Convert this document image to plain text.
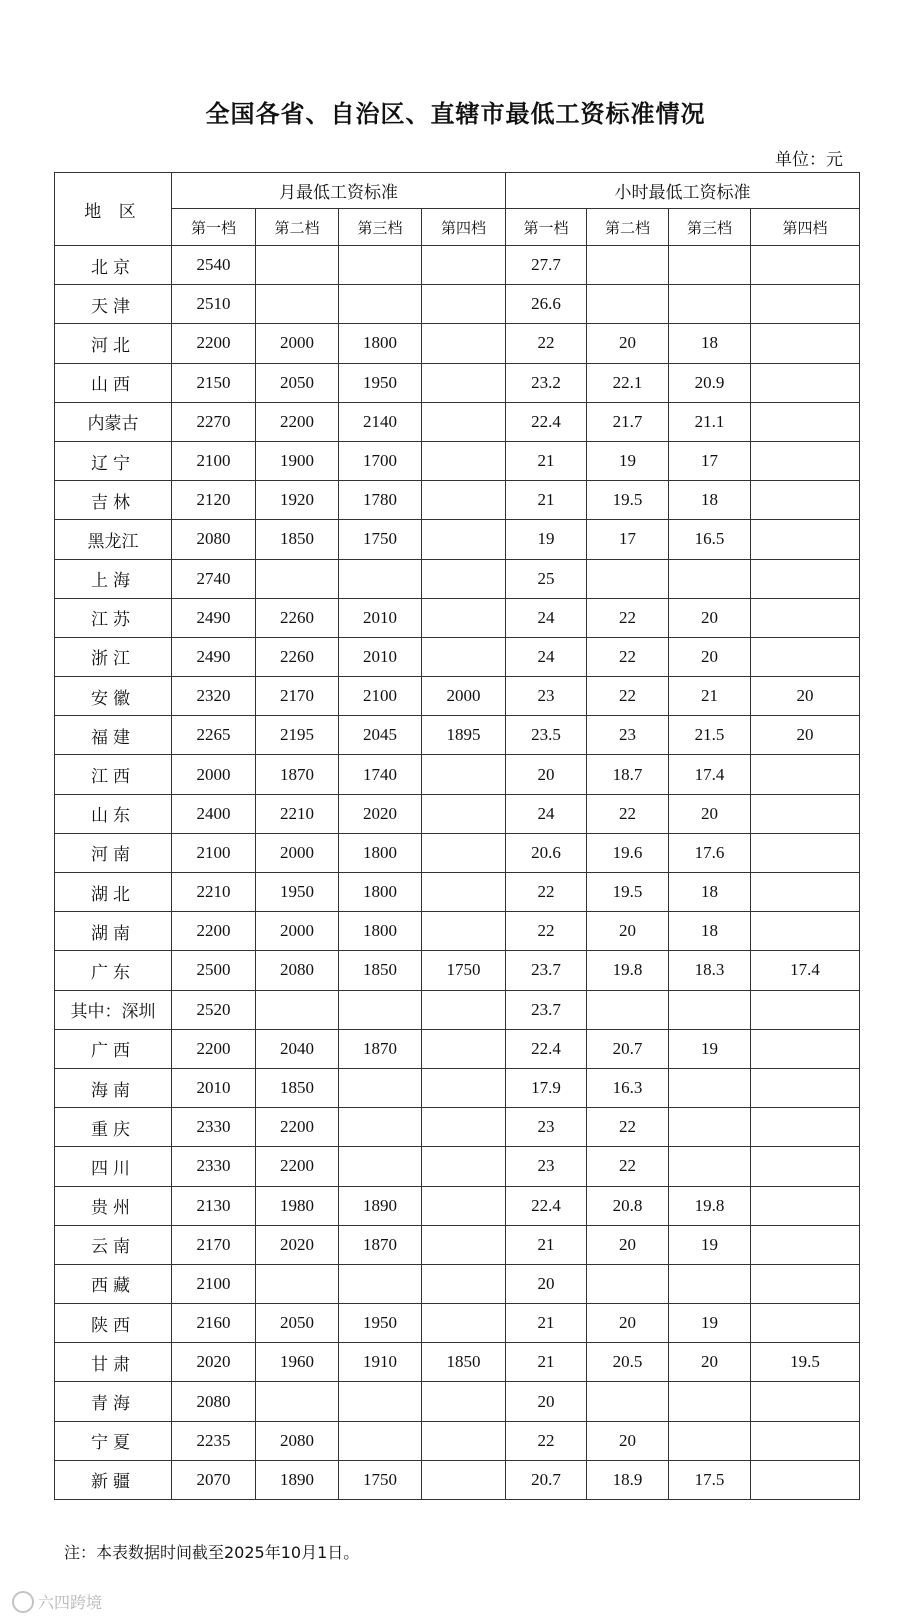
全国各省、自治区、直辖市最低工资标准情况
单位：元
地 区	月最低工资标准				小时最低工资标准			
	第一档	第二档	第三档	第四档	第一档	第二档	第三档	第四档
北京	2540				27.7			
天津	2510				26.6			
河北	2200	2000	1800		22	20	18	
山西	2150	2050	1950		23.2	22.1	20.9	
内蒙古	2270	2200	2140		22.4	21.7	21.1	
辽宁	2100	1900	1700		21	19	17	
吉林	2120	1920	1780		21	19.5	18	
黑龙江	2080	1850	1750		19	17	16.5	
上海	2740				25			
江苏	2490	2260	2010		24	22	20	
浙江	2490	2260	2010		24	22	20	
安徽	2320	2170	2100	2000	23	22	21	20
福建	2265	2195	2045	1895	23.5	23	21.5	20
江西	2000	1870	1740		20	18.7	17.4	
山东	2400	2210	2020		24	22	20	
河南	2100	2000	1800		20.6	19.6	17.6	
湖北	2210	1950	1800		22	19.5	18	
湖南	2200	2000	1800		22	20	18	
广东	2500	2080	1850	1750	23.7	19.8	18.3	17.4
其中：深圳	2520				23.7			
广西	2200	2040	1870		22.4	20.7	19	
海南	2010	1850			17.9	16.3		
重庆	2330	2200			23	22		
四川	2330	2200			23	22		
贵州	2130	1980	1890		22.4	20.8	19.8	
云南	2170	2020	1870		21	20	19	
西藏	2100				20			
陕西	2160	2050	1950		21	20	19	
甘肃	2020	1960	1910	1850	21	20.5	20	19.5
青海	2080				20			
宁夏	2235	2080			22	20		
新疆	2070	1890	1750		20.7	18.9	17.5	
注：本表数据时间截至2025年10月1日。
六四跨境
